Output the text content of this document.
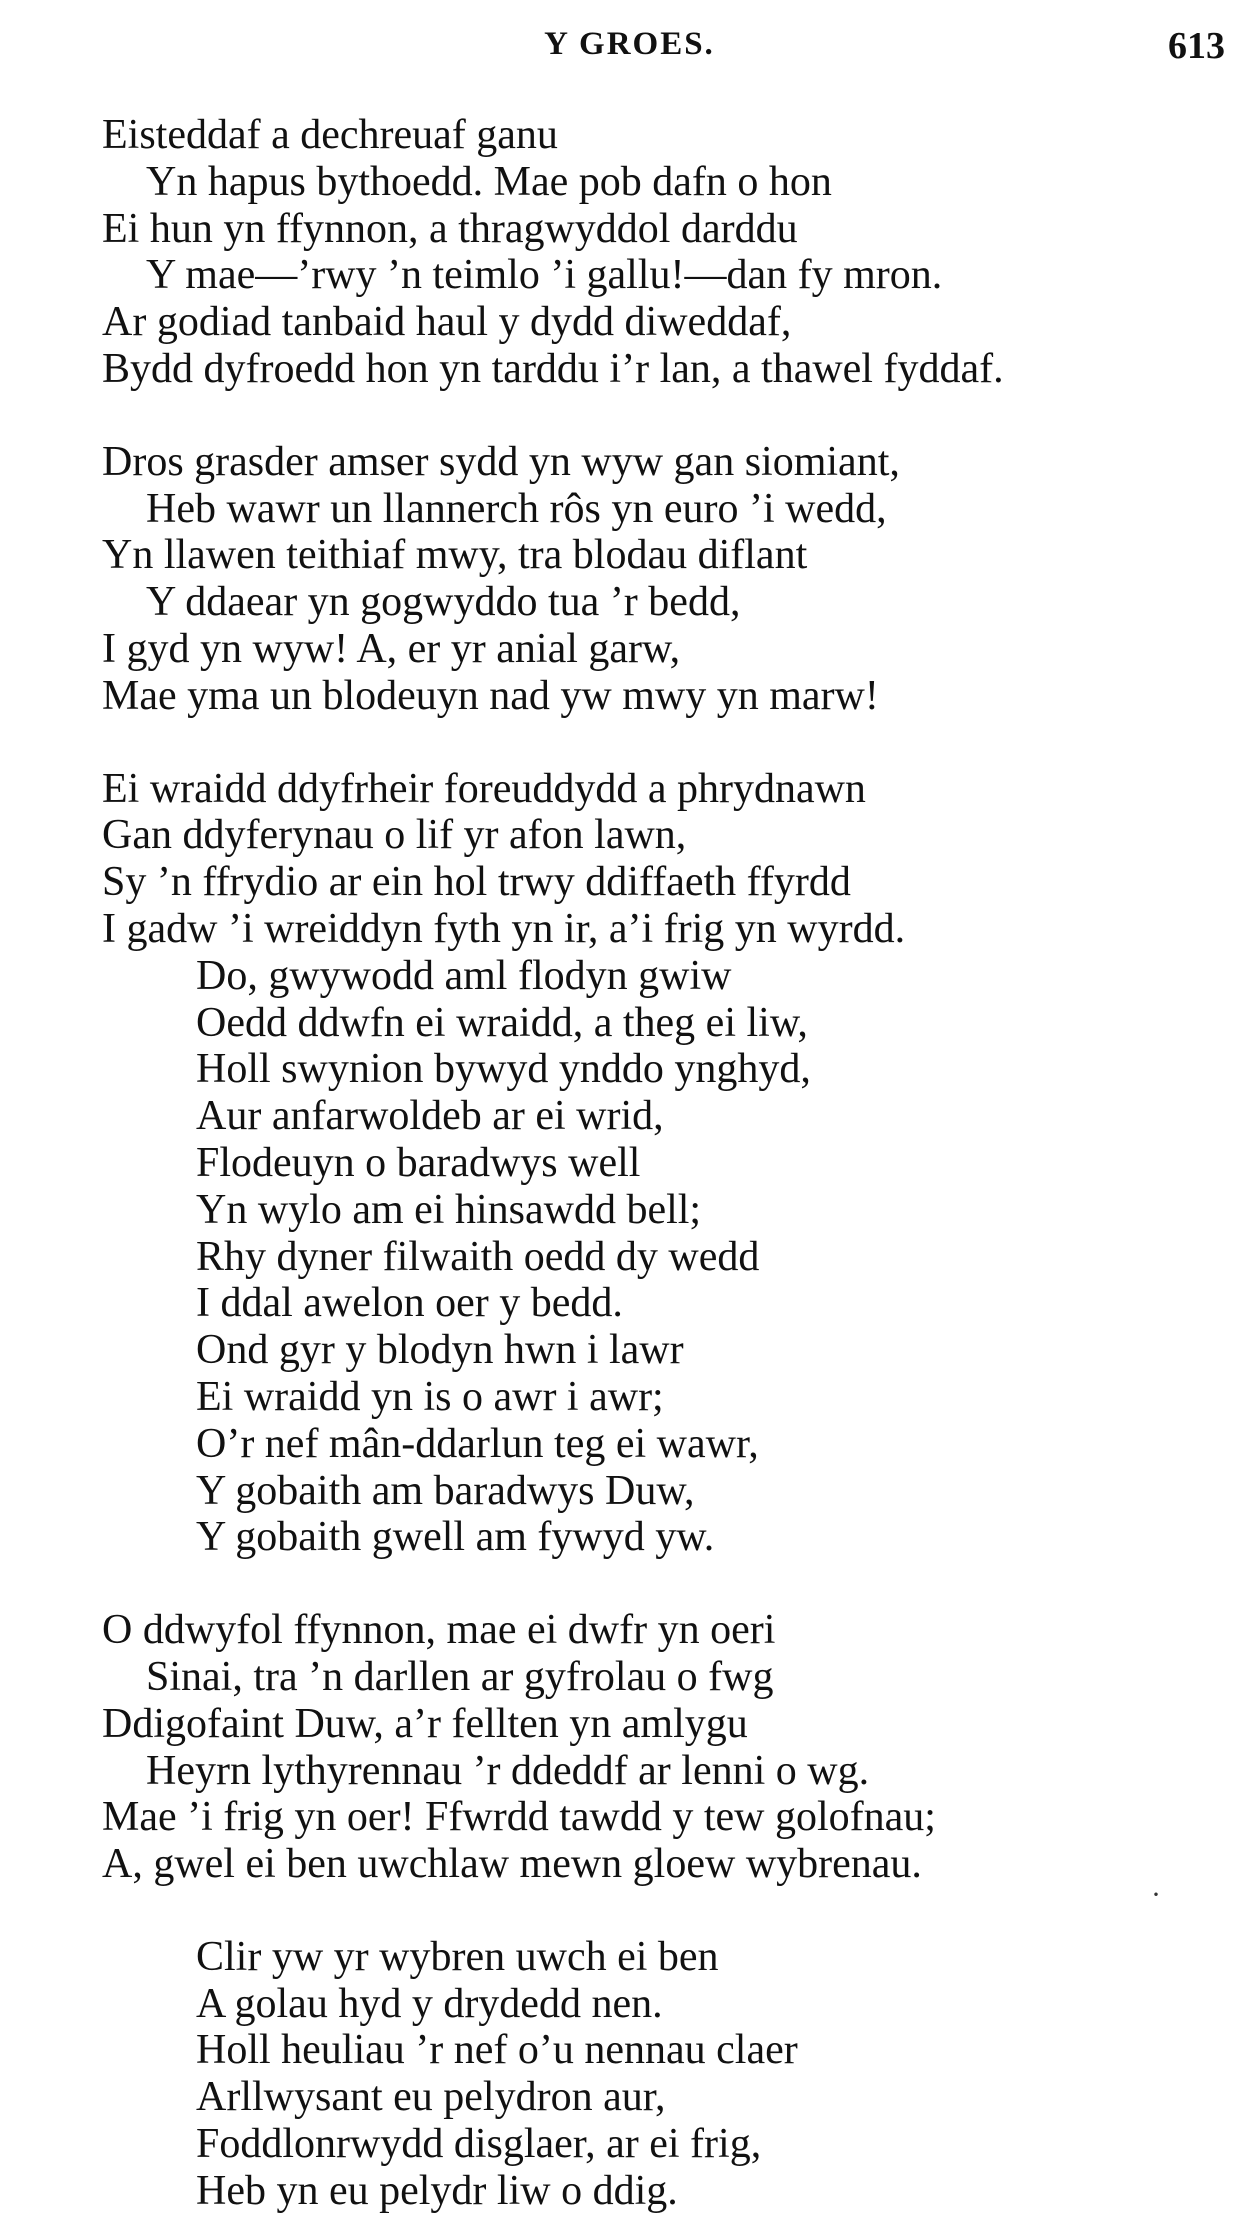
Y GROES.	613
Eisteddaf a dechreuaf ganu
Yn hapus bythoedd. Mae pob dafn o hon
Ei hun yn ffynnon, a thragwyddol darddu
Y mae—’rwy ’n teimlo ’i gallu!—dan fy mron.
Ar godiad tanbaid haul y dydd diweddaf,
Bydd dyfroedd hon yn tarddu i’r lan, a thawel fyddaf.
Dros grasder amser sydd yn wyw gan siomiant,
Heb wawr un llannerch rôs yn euro ’i wedd,
Yn llawen teithiaf mwy, tra blodau diflant
Y ddaear yn gogwyddo tua ’r bedd,
I gyd yn wyw! A, er yr anial garw,
Mae yma un blodeuyn nad yw mwy yn marw!
Ei wraidd ddyfrheir foreuddydd a phrydnawn
Gan ddyferynau o lif yr afon lawn,
Sy ’n ffrydio ar ein hol trwy ddiffaeth ffyrdd
I gadw ’i wreiddyn fyth yn ir, a’i frig yn wyrdd.
Do, gwywodd aml flodyn gwiw
Oedd ddwfn ei wraidd, a theg ei liw,
Holl swynion bywyd ynddo ynghyd,
Aur anfarwoldeb ar ei wrid,
Flodeuyn o baradwys well
Yn wylo am ei hinsawdd bell;
Rhy dyner filwaith oedd dy wedd
I ddal awelon oer y bedd.
Ond gyr y blodyn hwn i lawr
Ei wraidd yn is o awr i awr;
O’r nef mân-ddarlun teg ei wawr,
Y gobaith am baradwys Duw,
Y gobaith gwell am fywyd yw.
O ddwyfol ffynnon, mae ei dwfr yn oeri
Sinai, tra ’n darllen ar gyfrolau o fwg
Ddigofaint Duw, a’r fellten yn amlygu
Heyrn lythyrennau ’r ddeddf ar lenni o wg.
Mae ’i frig yn oer! Ffwrdd tawdd y tew golofnau;
A, gwel ei ben uwchlaw mewn gloew wybrenau.
Clir yw yr wybren uwch ei ben
A golau hyd y drydedd nen.
Holl heuliau ’r nef o’u nennau claer
Arllwysant eu pelydron aur,
Foddlonrwydd disglaer, ar ei frig,
Heb yn eu pelydr liw o ddig.
·
